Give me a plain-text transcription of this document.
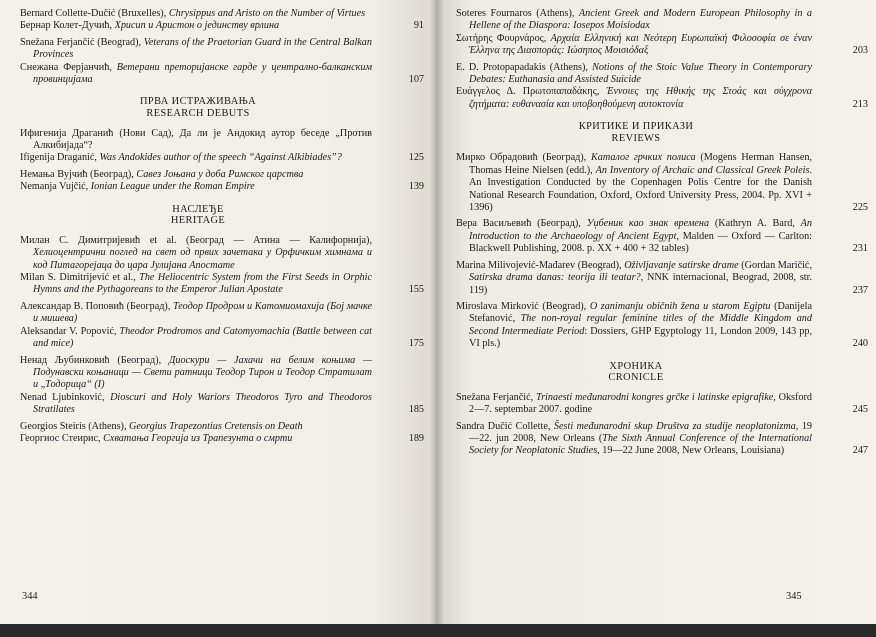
Bernard Collette-Dučić (Bruxelles), Chrysippus and Aristo on the Number of Virtues

Бернар Колет-Дучић, Хрисип и Аристон о јединству врлина	91

Snežana Ferjančić (Beograd), Veterans of the Praetorian Guard in the Central Balkan Provinces

Снежана Ферјанчић, Ветерани преторијанске гарде у централно-балканским провинцијама	107
ПРВА ИСТРАЖИВАЊА
RESEARCH DEBUTS

Ифигенија Драганић (Нови Сад), Да ли је Андокид аутор беседе „Против Алкибијада“?

Ifigenija Draganić, Was Andokides author of the speech “Against Alkibiades”?	125

Немања Вујчић (Београд), Савез Јоњана у доба Римског царства

Nemanja Vujčić, Ionian League under the Roman Empire	139
НАСЛЕЂЕ
HERITAGE

Милан С. Димитријевић et al. (Београд — Атина — Калифорнија), Хелиоцентрични поглед на свет од првих зачетака у Орфичким химнама и код Питагорејаца до цара Јулијана Апостате

Milan S. Dimitrijević et al., The Heliocentric System from the First Seeds in Orphic Hymns and the Pythagoreans to the Emperor Julian Apostate	155

Александар В. Поповић (Београд), Теодор Продром и Катомиомахија (Бој мачке и мишева)

Aleksandar V. Popović, Theodor Prodromos and Catomyomachia (Battle between cat and mice)	175

Ненад Љубинковић (Београд), Диоскури — Јахачи на белим коњима — Подунавски коњаници — Свети ратници Теодор Тирон и Теодор Стратилат и „Тодорица“ (I)

Nenad Ljubinković, Dioscuri and Holy Wariors Theodoros Tyro and Theodoros Stratilates	185

Georgios Steiris (Athens), Georgius Trapezontius Cretensis on Death

Георгиос Стеирис, Схватања Георгија из Трапезунта о смрти	189
344

Soteres Fournaros (Athens), Ancient Greek and Modern European Philosophy in a Hellene of the Diaspora: Iosepos Moisiodax

Σωτήρης Φουρνάρος, Αρχαία Ελληνική και Νεότερη Ευρωπαϊκή Φιλοσοφία σε έναν Έλληνα της Διασποράς: Ιώσηπος Μοισιόδαξ	203

E. D. Protopapadakis (Athens), Notions of the Stoic Value Theory in Contemporary Debates: Euthanasia and Assisted Suicide

Ευάγγελος Δ. Πρωτοπαπαδάκης, Έννοιες της Ηθικής της Στοάς και σύγχρονα ζητήματα: ευθανασία και υποβοηθούμενη αυτοκτονία	213
КРИТИКЕ И ПРИКАЗИ
REVIEWS

Мирко Обрадовић (Београд), Каталог грчких полиса (Mogens Herman Hansen, Thomas Heine Nielsen (edd.), An Inventory of Archaic and Classical Greek Poleis. An Investigation Conducted by the Copenhagen Polis Centre for the Danish National Research Foundation, Oxford, Oxford University Press, 2004. Pp. XVI + 1396)	225

Вера Васиљевић (Београд), Уџбеник као знак времена (Kathryn A. Bard, An Introduction to the Archaeology of Ancient Egypt, Malden — Oxford — Carlton: Blackwell Publishing, 2008. p. XX + 400 + 32 tables)	231

Marina Milivojević-Mađarev (Beograd), Oživljavanje satirske drame (Gordan Maričić, Satirska drama danas: teorija ili teatar?, NNK internacional, Beograd, 2008, str. 119)	237

Miroslava Mirković (Beograd), O zanimanju običnih žena u starom Egiptu (Danijela Stefanović, The non-royal regular feminine titles of the Middle Kingdom and Second Intermediate Period: Dossiers, GHP Egyptology 11, London 2009, 143 pp, VI pls.)	240
ХРОНИКА
CRONICLE

Snežana Ferjančić, Trinaesti međunarodni kongres grčke i latinske epigrafike, Oksford 2—7. septembar 2007. godine	245

Sandra Dučić Collette, Šesti međunarodni skup Društva za studije neoplatonizma, 19—22. jun 2008, New Orleans (The Sixth Annual Conference of the International Society for Neoplatonic Studies, 19—22 June 2008, New Orleans, Louisiana)	247
345
